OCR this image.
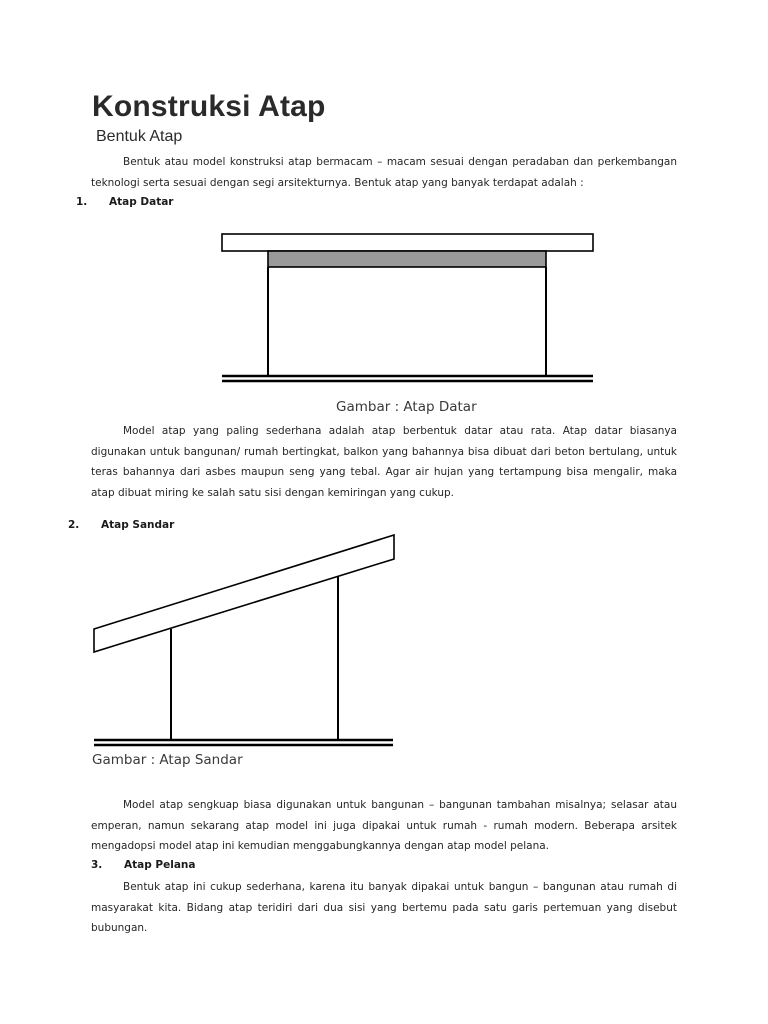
Konstruksi Atap
Bentuk Atap
Bentuk atau model konstruksi atap bermacam – macam sesuai dengan peradaban dan perkembangan teknologi serta sesuai dengan segi arsitekturnya. Bentuk atap yang banyak terdapat adalah :
1. Atap Datar
Gambar : Atap Datar
Model atap yang paling sederhana adalah atap berbentuk datar atau rata. Atap datar biasanya digunakan untuk bangunan/ rumah bertingkat, balkon yang bahannya bisa dibuat dari beton bertulang, untuk teras bahannya dari asbes maupun seng yang tebal. Agar air hujan yang tertampung bisa mengalir, maka atap dibuat miring ke salah satu sisi dengan kemiringan yang cukup.
2. Atap Sandar
Gambar : Atap Sandar
Model atap sengkuap biasa digunakan untuk bangunan – bangunan tambahan misalnya; selasar atau emperan, namun sekarang atap model ini juga dipakai untuk rumah - rumah modern. Beberapa arsitek mengadopsi model atap ini kemudian menggabungkannya dengan atap model pelana.
3. Atap Pelana
Bentuk atap ini cukup sederhana, karena itu banyak dipakai untuk bangun – bangunan atau rumah di masyarakat kita. Bidang atap teridiri dari dua sisi yang bertemu pada satu garis pertemuan yang disebut bubungan.
